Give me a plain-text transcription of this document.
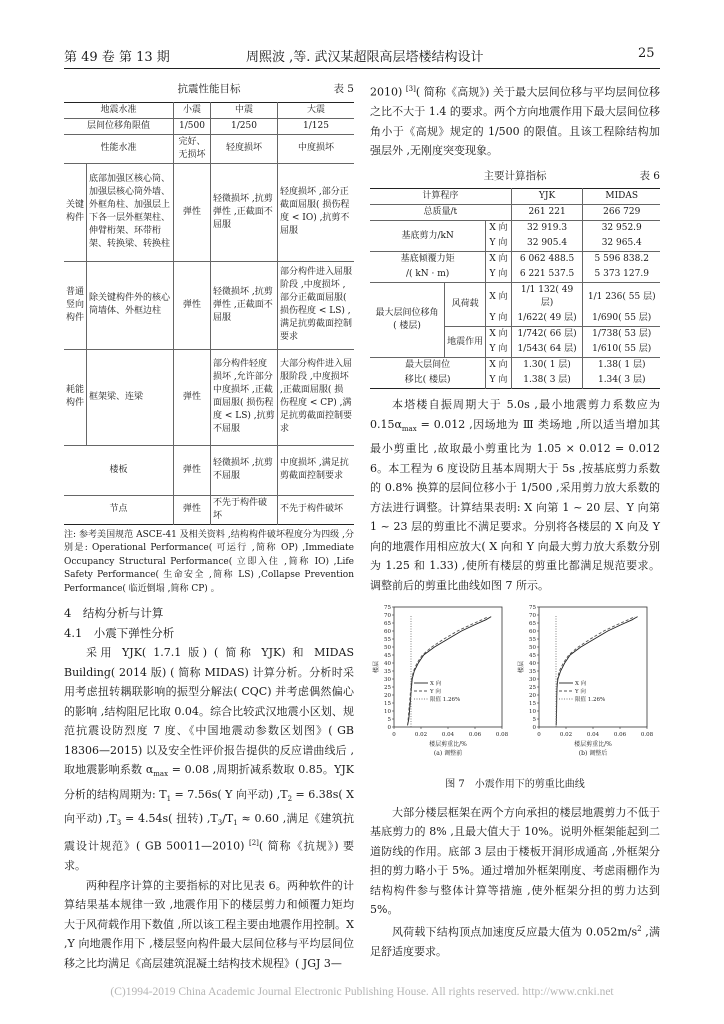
第 49 卷 第 13 期	周熙波 ,等. 武汉某超限高层塔楼结构设计	25
抗震性能目标	表 5
地震水准		小震	中震	大震
层间位移角限值		1/500	1/250	1/125
性能水准		完好、无损坏	轻度损坏	中度损坏
关键构件	底部加强区核心筒、加强层核心筒外墙、外框角柱、加强层上下各一层外框架柱、伸臂桁架、环带桁架、转换梁、转换柱	弹性	轻微损坏 ,抗剪弹性 ,正截面不屈服	轻度损坏 ,部分正截面屈服( 损伤程度 < IO) ,抗剪不屈服
普通竖向构件	除关键构件外的核心筒墙体、外框边柱	弹性	轻微损坏 ,抗剪弹性 ,正截面不屈服	部分构件进入屈服阶段 ,中度损坏 ,部分正截面屈服( 损伤程度 < LS) ,满足抗剪截面控制要求
耗能构件	框架梁、连梁	弹性	部分构件轻度损坏 ,允许部分中度损坏 ,正截面屈服( 损伤程度 < LS) ,抗剪不屈服	大部分构件进入屈服阶段 ,中度损坏 ,正截面屈服( 损伤程度 < CP) ,满足抗剪截面控制要求
楼板		弹性	轻微损坏 ,抗剪不屈服	中度损坏 ,满足抗剪截面控制要求
节点		弹性	不先于构件破坏	不先于构件破坏
注: 参考美国规范 ASCE-41 及相关资料 ,结构构件破坏程度分为四级 ,分别是: Operational Performance( 可运行 ,简称 OP) ,Immediate Occupancy Structural Performance( 立即入住 ,简称 IO) ,Life Safety Performance( 生命安全 ,简称 LS) ,Collapse Prevention Performance( 临近倒塌 ,简称 CP) 。

4　结构分析与计算

4.1　小震下弹性分析

采用 YJK( 1.7.1 版) ( 简称 YJK) 和 MIDAS Building( 2014 版) ( 简称 MIDAS) 计算分析。分析时采用考虑扭转耦联影响的振型分解法( CQC) 并考虑偶然偏心的影响 ,结构阻尼比取 0.04。综合比较武汉地震小区划、规范抗震设防烈度 7 度、《中国地震动参数区划图》( GB 18306—2015) 以及安全性评价报告提供的反应谱曲线后 ,取地震影响系数 $\alpha_{max} = 0.08$ ,周期折减系数取 0.85。YJK 分析的结构周期为: $T_1 = 7.56s$( Y 向平动) $,T_2 = 6.38s$( X 向平动) $,T_3 = 4.54s$( 扭转) $,T_3/T_1 \approx 0.60$ ,满足《建筑抗震设计规范》( GB 50011—2010) [2]( 简称《抗规》) 要求。

两种程序计算的主要指标的对比见表 6。两种软件的计算结果基本规律一致 ,地震作用下的楼层剪力和倾覆力矩均大于风荷载作用下数值 ,所以该工程主要由地震作用控制。X ,Y 向地震作用下 ,楼层竖向构件最大层间位移与平均层间位移之比均满足《高层建筑混凝土结构技术规程》( JGJ 3—

2010) [3]( 简称《高规》) 关于最大层间位移与平均层间位移之比不大于 1.4 的要求。两个方向地震作用下最大层间位移角小于《高规》规定的 1/500 的限值。且该工程除结构加强层外 ,无刚度突变现象。

主要计算指标	表 6
计算程序			YJK	MIDAS
总质量/t			261 221	266 729
基底剪力/kN		X 向	32 919.3	32 952.9
		Y 向	32 905.4	32 965.4
基底倾覆力矩		X 向	6 062 488.5	5 596 838.2
/( kN · m)		Y 向	6 221 537.5	5 373 127.9
最大层间位移角
( 楼层)	风荷载	X 向	1/1 132( 49 层)	1/1 236( 55 层)
		Y 向	1/622( 49 层)	1/690( 55 层)
	地震作用	X 向	1/742( 66 层)	1/738( 53 层)
		Y 向	1/543( 64 层)	1/610( 55 层)
最大层间位		X 向	1.30( 1 层)	1.38( 1 层)
移比( 楼层)		Y 向	1.38( 3 层)	1.34( 3 层)

本塔楼自振周期大于 5.0s ,最小地震剪力系数应为 $0.15\alpha_{max} = 0.012$ ,因场地为 Ⅲ 类场地 ,所以适当增加其最小剪重比 ,故取最小剪重比为 1.05 × 0.012 = 0.012 6。本工程为 6 度设防且基本周期大于 5s ,按基底剪力系数的 0.8% 换算的层间位移小于 1/500 ,采用剪力放大系数的方法进行调整。计算结果表明: X 向第 1 ~ 20 层、Y 向第 1 ~ 23 层的剪重比不满足要求。分别将各楼层的 X 向及 Y 向的地震作用相应放大( X 向和 Y 向最大剪力放大系数分别为 1.25 和 1.33) ,使所有楼层的剪重比都满足规范要求。调整前后的剪重比曲线如图 7 所示。

0
5
10
15
20
25
30
35
40
45
50
55
60
65
70
75
0	0.02	0.04	0.06	0.08
X 向
Y 向
限值 1.26%
楼层
楼层剪重比/%
(a) 调整前
0
5
10
15
20
25
30
35
40
45
50
55
60
65
70
75
0	0.02	0.04	0.06	0.08
X 向
Y 向
限值 1.26%
楼层
楼层剪重比/%
(b) 调整后
图 7　小震作用下的剪重比曲线

大部分楼层框架在两个方向承担的楼层地震剪力不低于基底剪力的 8% ,且最大值大于 10%。说明外框架能起到二道防线的作用。底部 3 层由于楼板开洞形成通高 ,外框架分担的剪力略小于 5%。通过增加外框架刚度、考虑雨棚作为结构构件参与整体计算等措施 ,使外框架分担的剪力达到 5%。

风荷载下结构顶点加速度反应最大值为 $0.052m/s^2$ ,满足舒适度要求。

(C)1994-2019 China Academic Journal Electronic Publishing House. All rights reserved. http://www.cnki.net
